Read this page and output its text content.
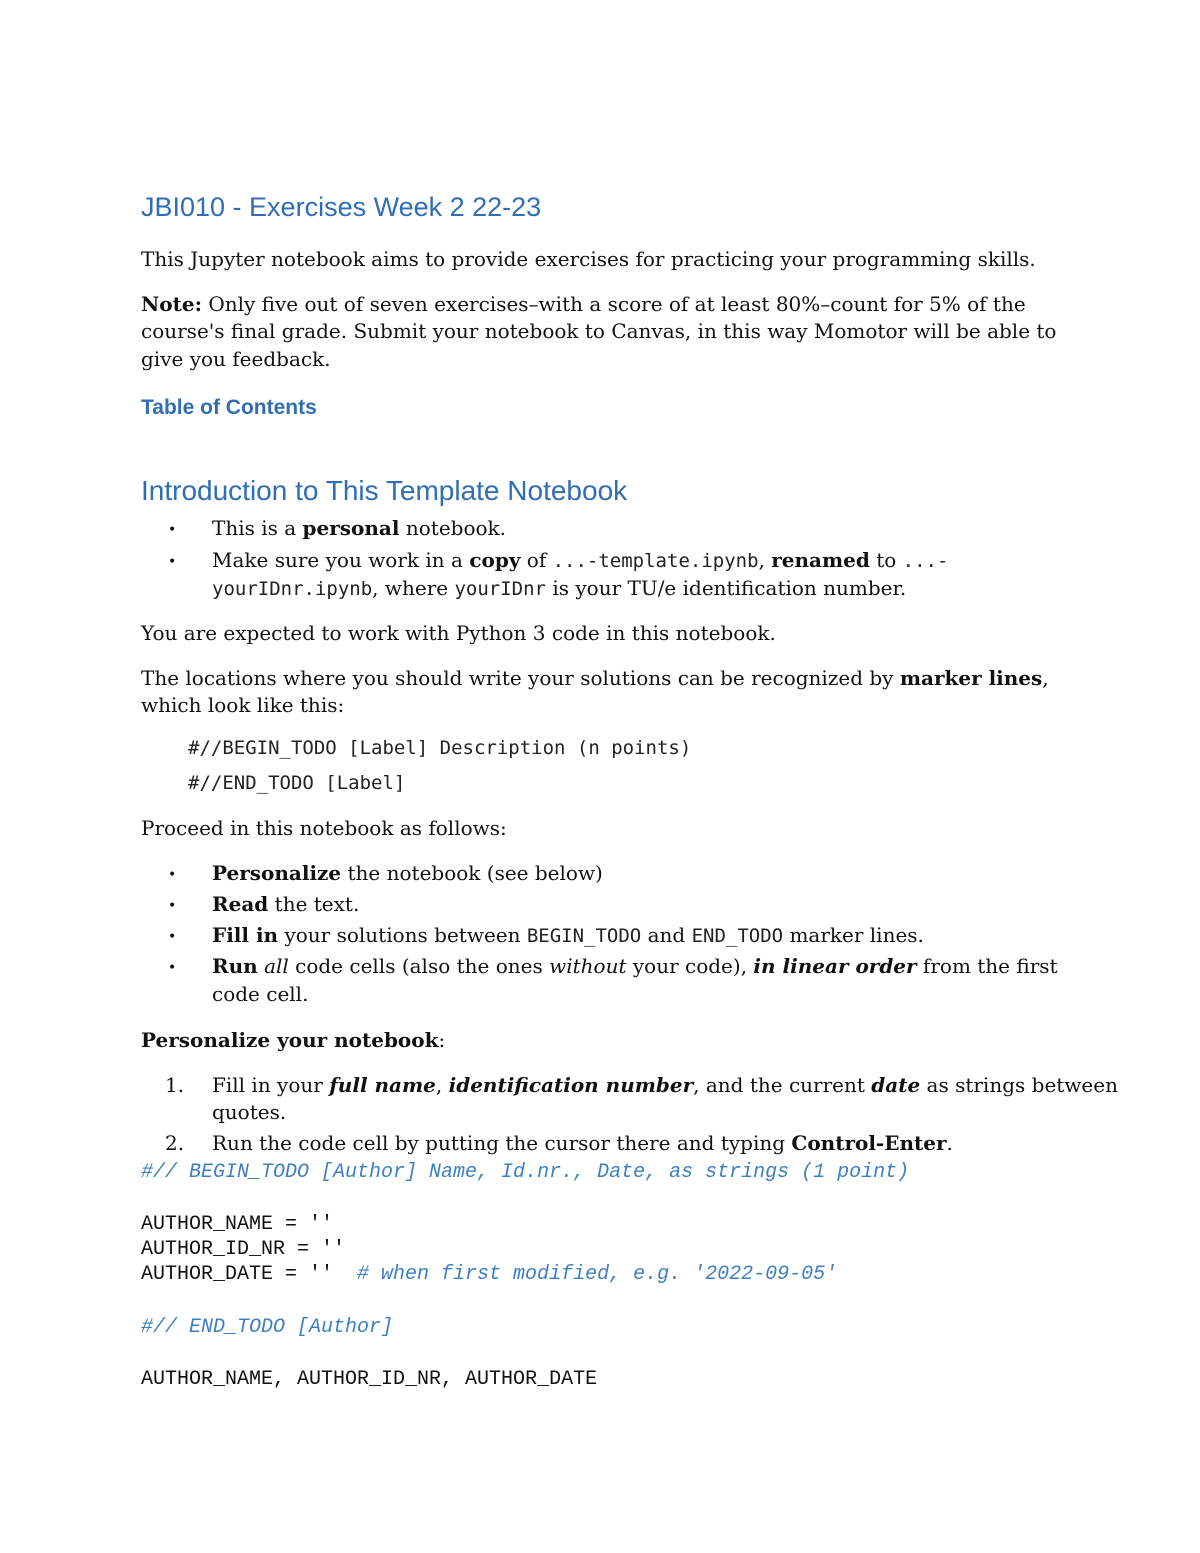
JBI010 - Exercises Week 2 22-23
This Jupyter notebook aims to provide exercises for practicing your programming skills.
Note: Only five out of seven exercises–with a score of at least 80%–count for 5% of the
course's final grade. Submit your notebook to Canvas, in this way Momotor will be able to
give you feedback.
Table of Contents
Introduction to This Template Notebook
• This is a personal notebook.
• Make sure you work in a copy of ...-template.ipynb, renamed to ...-
yourIDnr.ipynb, where yourIDnr is your TU/e identification number.
You are expected to work with Python 3 code in this notebook.
The locations where you should write your solutions can be recognized by marker lines,
which look like this:
#//BEGIN_TODO [Label] Description (n points)
#//END_TODO [Label]
Proceed in this notebook as follows:
• Personalize the notebook (see below)
• Read the text.
• Fill in your solutions between BEGIN_TODO and END_TODO marker lines.
• Run all code cells (also the ones without your code), in linear order from the first
code cell.
Personalize your notebook:
1. Fill in your full name, identification number, and the current date as strings between
quotes.
2. Run the code cell by putting the cursor there and typing Control-Enter.
#// BEGIN_TODO [Author] Name, Id.nr., Date, as strings (1 point)
AUTHOR_NAME = ''
AUTHOR_ID_NR = ''
AUTHOR_DATE = '' # when first modified, e.g. '2022-09-05'
#// END_TODO [Author]
AUTHOR_NAME, AUTHOR_ID_NR, AUTHOR_DATE
